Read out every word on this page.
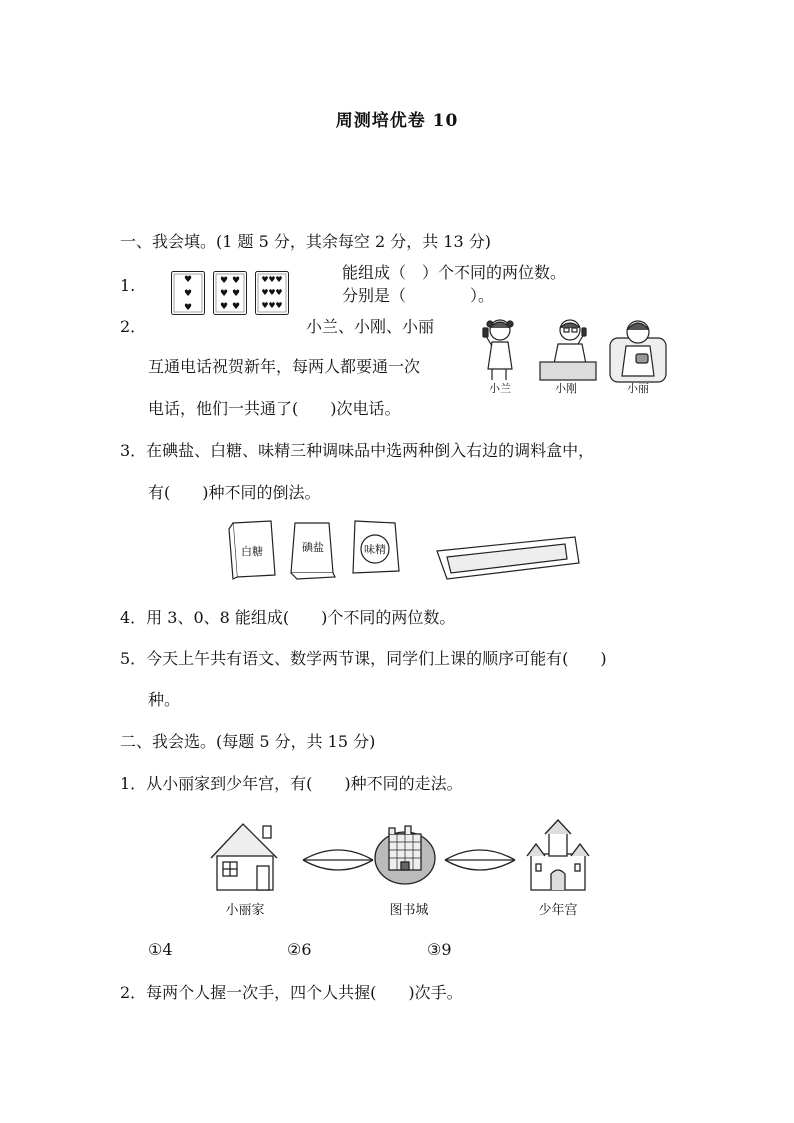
周测培优卷 10
一、我会填。(1 题 5 分，其余每空 2 分，共 13 分)
1.	♥
♥
♥
♥ ♥
♥ ♥
♥ ♥
♥ ♥ ♥
♥ ♥ ♥
♥ ♥ ♥
能组成（　）个不同的两位数。
分别是（　　　　）。
2．	小兰、小刚、小丽
互通电话祝贺新年，每两人都要通一次
电话，他们一共通了(　　)次电话。
小兰	小刚	小丽
3．在碘盐、白糖、味精三种调味品中选两种倒入右边的调料盒中，
有(　　)种不同的倒法。
白糖	碘盐	味精
4．用 3、0、8 能组成(　　)个不同的两位数。
5．今天上午共有语文、数学两节课，同学们上课的顺序可能有(　　)
种。
二、我会选。(每题 5 分，共 15 分)
1．从小丽家到少年宫，有(　　)种不同的走法。
小丽家	图书城	少年宫
①4	②6	③9
2．每两个人握一次手，四个人共握(　　)次手。
